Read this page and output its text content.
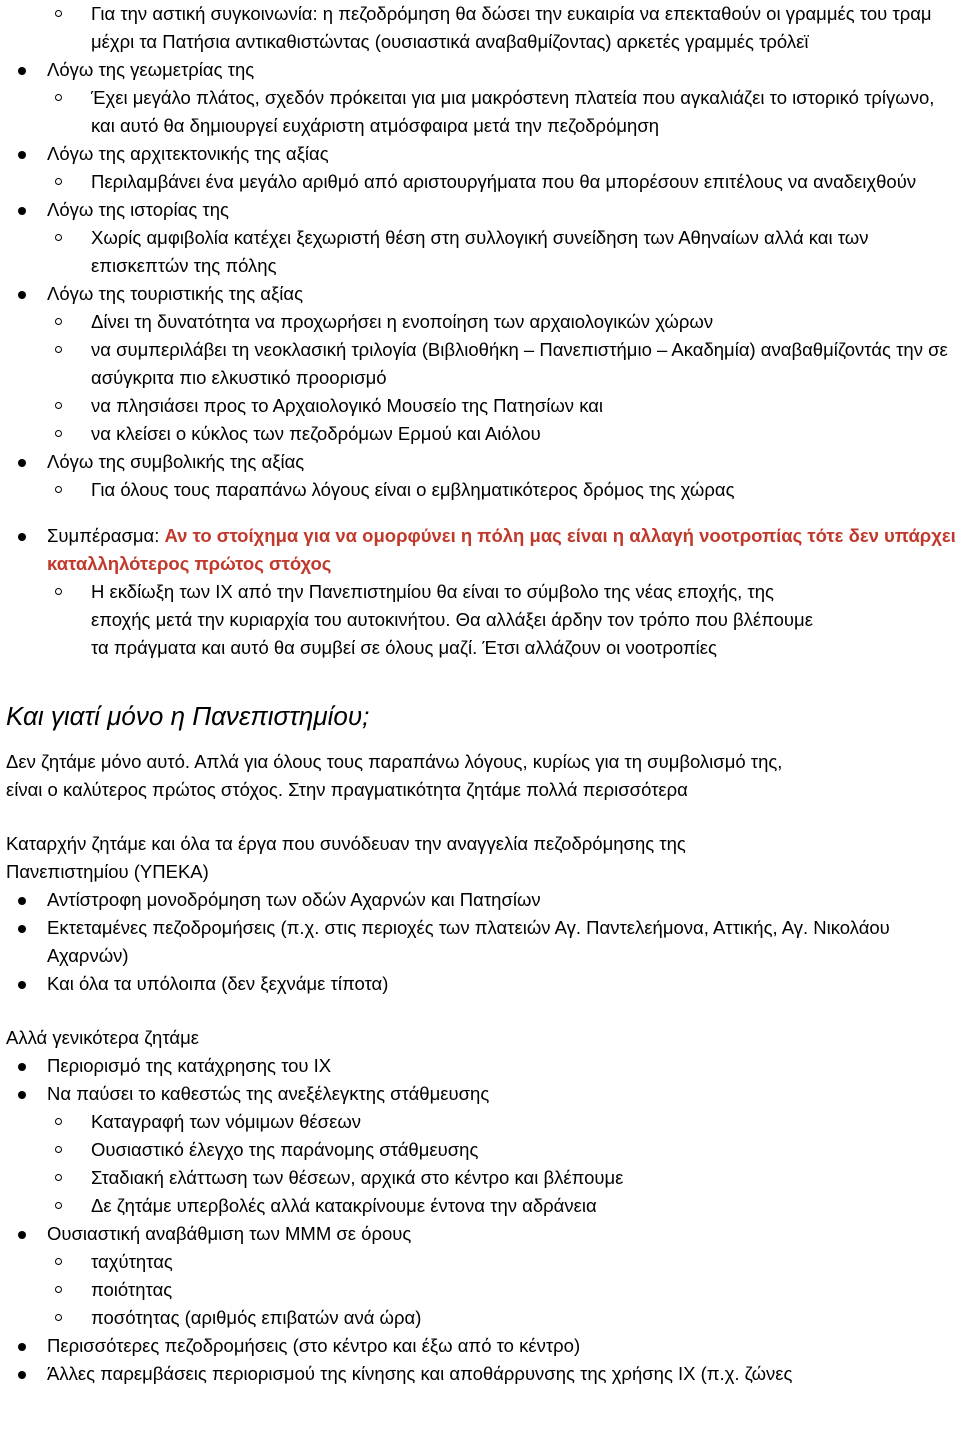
Για την αστική συγκοινωνία: η πεζοδρόμηση θα δώσει την ευκαιρία να επεκταθούν οι γραμμές του τραμ μέχρι τα Πατήσια αντικαθιστώντας (ουσιαστικά αναβαθμίζοντας) αρκετές γραμμές τρόλεϊ
Λόγω της γεωμετρίας της
Έχει μεγάλο πλάτος, σχεδόν πρόκειται για μια μακρόστενη πλατεία που αγκαλιάζει το ιστορικό τρίγωνο, και αυτό θα δημιουργεί ευχάριστη ατμόσφαιρα μετά την πεζοδρόμηση
Λόγω της αρχιτεκτονικής της αξίας
Περιλαμβάνει ένα μεγάλο αριθμό από αριστουργήματα που θα μπορέσουν επιτέλους να αναδειχθούν
Λόγω της ιστορίας της
Χωρίς αμφιβολία κατέχει ξεχωριστή θέση στη συλλογική συνείδηση των Αθηναίων αλλά και των επισκεπτών της πόλης
Λόγω της τουριστικής της αξίας
Δίνει τη δυνατότητα να προχωρήσει η ενοποίηση των αρχαιολογικών χώρων
να συμπεριλάβει τη νεοκλασική τριλογία (Βιβλιοθήκη – Πανεπιστήμιο – Ακαδημία) αναβαθμίζοντάς την σε ασύγκριτα πιο ελκυστικό προορισμό
να πλησιάσει προς το Αρχαιολογικό Μουσείο της Πατησίων και
να κλείσει ο κύκλος των πεζοδρόμων Ερμού και Αιόλου
Λόγω της συμβολικής της αξίας
Για όλους τους παραπάνω λόγους είναι ο εμβληματικότερος δρόμος της χώρας
Συμπέρασμα: Αν το στοίχημα για να ομορφύνει η πόλη μας είναι η αλλαγή νοοτροπίας τότε δεν υπάρχει καταλληλότερος πρώτος στόχος
Η εκδίωξη των ΙΧ από την Πανεπιστημίου θα είναι το σύμβολο της νέας εποχής, της
εποχής μετά την κυριαρχία του αυτοκινήτου. Θα αλλάξει άρδην τον τρόπο που βλέπουμε
τα πράγματα και αυτό θα συμβεί σε όλους μαζί. Έτσι αλλάζουν οι νοοτροπίες
Και γιατί μόνο η Πανεπιστημίου;
Δεν ζητάμε μόνο αυτό. Απλά για όλους τους παραπάνω λόγους, κυρίως για τη συμβολισμό της,
είναι ο καλύτερος πρώτος στόχος. Στην πραγματικότητα ζητάμε πολλά περισσότερα
Καταρχήν ζητάμε και όλα τα έργα που συνόδευαν την αναγγελία πεζοδρόμησης της
Πανεπιστημίου (ΥΠΕΚΑ)
Αντίστροφη μονοδρόμηση των οδών Αχαρνών και Πατησίων
Εκτεταμένες πεζοδρομήσεις (π.χ. στις περιοχές των πλατειών Αγ. Παντελεήμονα, Αττικής, Αγ. Νικολάου Αχαρνών)
Και όλα τα υπόλοιπα (δεν ξεχνάμε τίποτα)
Αλλά γενικότερα ζητάμε
Περιορισμό της κατάχρησης του ΙΧ
Να παύσει το καθεστώς της ανεξέλεγκτης στάθμευσης
Καταγραφή των νόμιμων θέσεων
Ουσιαστικό έλεγχο της παράνομης στάθμευσης
Σταδιακή ελάττωση των θέσεων, αρχικά στο κέντρο και βλέπουμε
Δε ζητάμε υπερβολές αλλά κατακρίνουμε έντονα την αδράνεια
Ουσιαστική αναβάθμιση των ΜΜΜ σε όρους
ταχύτητας
ποιότητας
ποσότητας (αριθμός επιβατών ανά ώρα)
Περισσότερες πεζοδρομήσεις (στο κέντρο και έξω από το κέντρο)
Άλλες παρεμβάσεις περιορισμού της κίνησης και αποθάρρυνσης της χρήσης ΙΧ (π.χ. ζώνες
